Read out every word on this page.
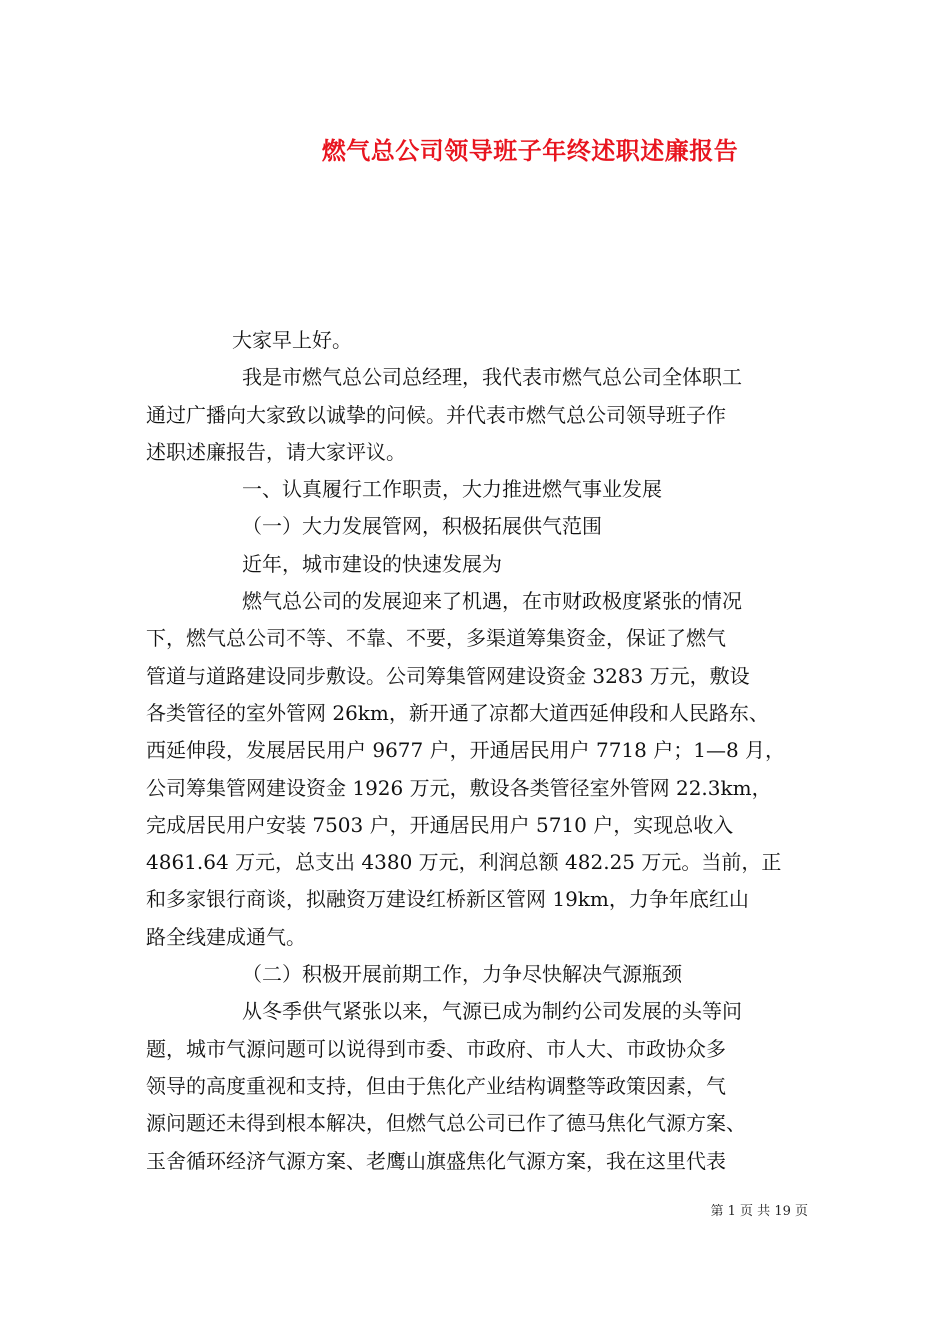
燃气总公司领导班子年终述职述廉报告
大家早上好。
我是市燃气总公司总经理，我代表市燃气总公司全体职工
通过广播向大家致以诚挚的问候。并代表市燃气总公司领导班子作
述职述廉报告，请大家评议。
一、认真履行工作职责，大力推进燃气事业发展
（一）大力发展管网，积极拓展供气范围
近年，城市建设的快速发展为
燃气总公司的发展迎来了机遇，在市财政极度紧张的情况
下，燃气总公司不等、不靠、不要，多渠道筹集资金，保证了燃气
管道与道路建设同步敷设。公司筹集管网建设资金 3283 万元，敷设
各类管径的室外管网 26km，新开通了凉都大道西延伸段和人民路东、
西延伸段，发展居民用户 9677 户，开通居民用户 7718 户；1—8 月，
公司筹集管网建设资金 1926 万元，敷设各类管径室外管网 22.3km，
完成居民用户安装 7503 户，开通居民用户 5710 户，实现总收入
4861.64 万元，总支出 4380 万元，利润总额 482.25 万元。当前，正
和多家银行商谈，拟融资万建设红桥新区管网 19km，力争年底红山
路全线建成通气。
（二）积极开展前期工作，力争尽快解决气源瓶颈
从冬季供气紧张以来，气源已成为制约公司发展的头等问
题，城市气源问题可以说得到市委、市政府、市人大、市政协众多
领导的高度重视和支持，但由于焦化产业结构调整等政策因素，气
源问题还未得到根本解决，但燃气总公司已作了德马焦化气源方案、
玉舍循环经济气源方案、老鹰山旗盛焦化气源方案，我在这里代表
第 1 页 共 19 页
